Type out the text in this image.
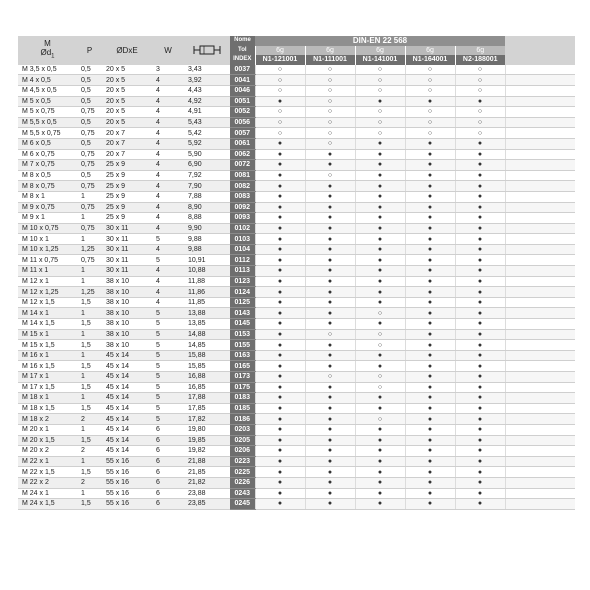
M
$Ød_1$	P	ØDxE	W		Nome	DIN-EN 22 568					
					Tol	6g	6g	6g	6g	6g	
					INDEX	N1-121001	N1-111001	N1-141001	N1-164001	N2-188001	
M 3,5 x 0,5	0,5	20 x 5	3	3,43	0037	○	○	○	○	○	
M 4 x 0,5	0,5	20 x 5	4	3,92	0041	○	○	○	○	○	
M 4,5 x 0,5	0,5	20 x 5	4	4,43	0046	○	○	○	○	○	
M 5 x 0,5	0,5	20 x 5	4	4,92	0051	●	○	●	●	●	
M 5 x 0,75	0,75	20 x 5	4	4,91	0052	○	○	○	○	○	
M 5,5 x 0,5	0,5	20 x 5	4	5,43	0056	○	○	○	○	○	
M 5,5 x 0,75	0,75	20 x 7	4	5,42	0057	○	○	○	○	○	
M 6 x 0,5	0,5	20 x 7	4	5,92	0061	●	○	●	●	●	
M 6 x 0,75	0,75	20 x 7	4	5,90	0062	●	●	●	●	●	
M 7 x 0,75	0,75	25 x 9	4	6,90	0072	●	●	●	●	●	
M 8 x 0,5	0,5	25 x 9	4	7,92	0081	●	○	●	●	●	
M 8 x 0,75	0,75	25 x 9	4	7,90	0082	●	●	●	●	●	
M 8 x 1	1	25 x 9	4	7,88	0083	●	●	●	●	●	
M 9 x 0,75	0,75	25 x 9	4	8,90	0092	●	●	●	●	●	
M 9 x 1	1	25 x 9	4	8,88	0093	●	●	●	●	●	
M 10 x 0,75	0,75	30 x 11	4	9,90	0102	●	●	●	●	●	
M 10 x 1	1	30 x 11	5	9,88	0103	●	●	●	●	●	
M 10 x 1,25	1,25	30 x 11	4	9,88	0104	●	●	●	●	●	
M 11 x 0,75	0,75	30 x 11	5	10,91	0112	●	●	●	●	●	
M 11 x 1	1	30 x 11	4	10,88	0113	●	●	●	●	●	
M 12 x 1	1	38 x 10	4	11,88	0123	●	●	●	●	●	
M 12 x 1,25	1,25	38 x 10	4	11,86	0124	●	●	●	●	●	
M 12 x 1,5	1,5	38 x 10	4	11,85	0125	●	●	●	●	●	
M 14 x 1	1	38 x 10	5	13,88	0143	●	●	○	●	●	
M 14 x 1,5	1,5	38 x 10	5	13,85	0145	●	●	●	●	●	
M 15 x 1	1	38 x 10	5	14,88	0153	●	○	○	●	●	
M 15 x 1,5	1,5	38 x 10	5	14,85	0155	●	●	○	●	●	
M 16 x 1	1	45 x 14	5	15,88	0163	●	●	●	●	●	
M 16 x 1,5	1,5	45 x 14	5	15,85	0165	●	●	●	●	●	
M 17 x 1	1	45 x 14	5	16,88	0173	●	○	○	●	●	
M 17 x 1,5	1,5	45 x 14	5	16,85	0175	●	●	○	●	●	
M 18 x 1	1	45 x 14	5	17,88	0183	●	●	●	●	●	
M 18 x 1,5	1,5	45 x 14	5	17,85	0185	●	●	●	●	●	
M 18 x 2	2	45 x 14	5	17,82	0186	●	●	○	●	●	
M 20 x 1	1	45 x 14	6	19,80	0203	●	●	●	●	●	
M 20 x 1,5	1,5	45 x 14	6	19,85	0205	●	●	●	●	●	
M 20 x 2	2	45 x 14	6	19,82	0206	●	●	●	●	●	
M 22 x 1	1	55 x 16	6	21,88	0223	●	●	●	●	●	
M 22 x 1,5	1,5	55 x 16	6	21,85	0225	●	●	●	●	●	
M 22 x 2	2	55 x 16	6	21,82	0226	●	●	●	●	●	
M 24 x 1	1	55 x 16	6	23,88	0243	●	●	●	●	●	
M 24 x 1,5	1,5	55 x 16	6	23,85	0245	●	●	●	●	●	
